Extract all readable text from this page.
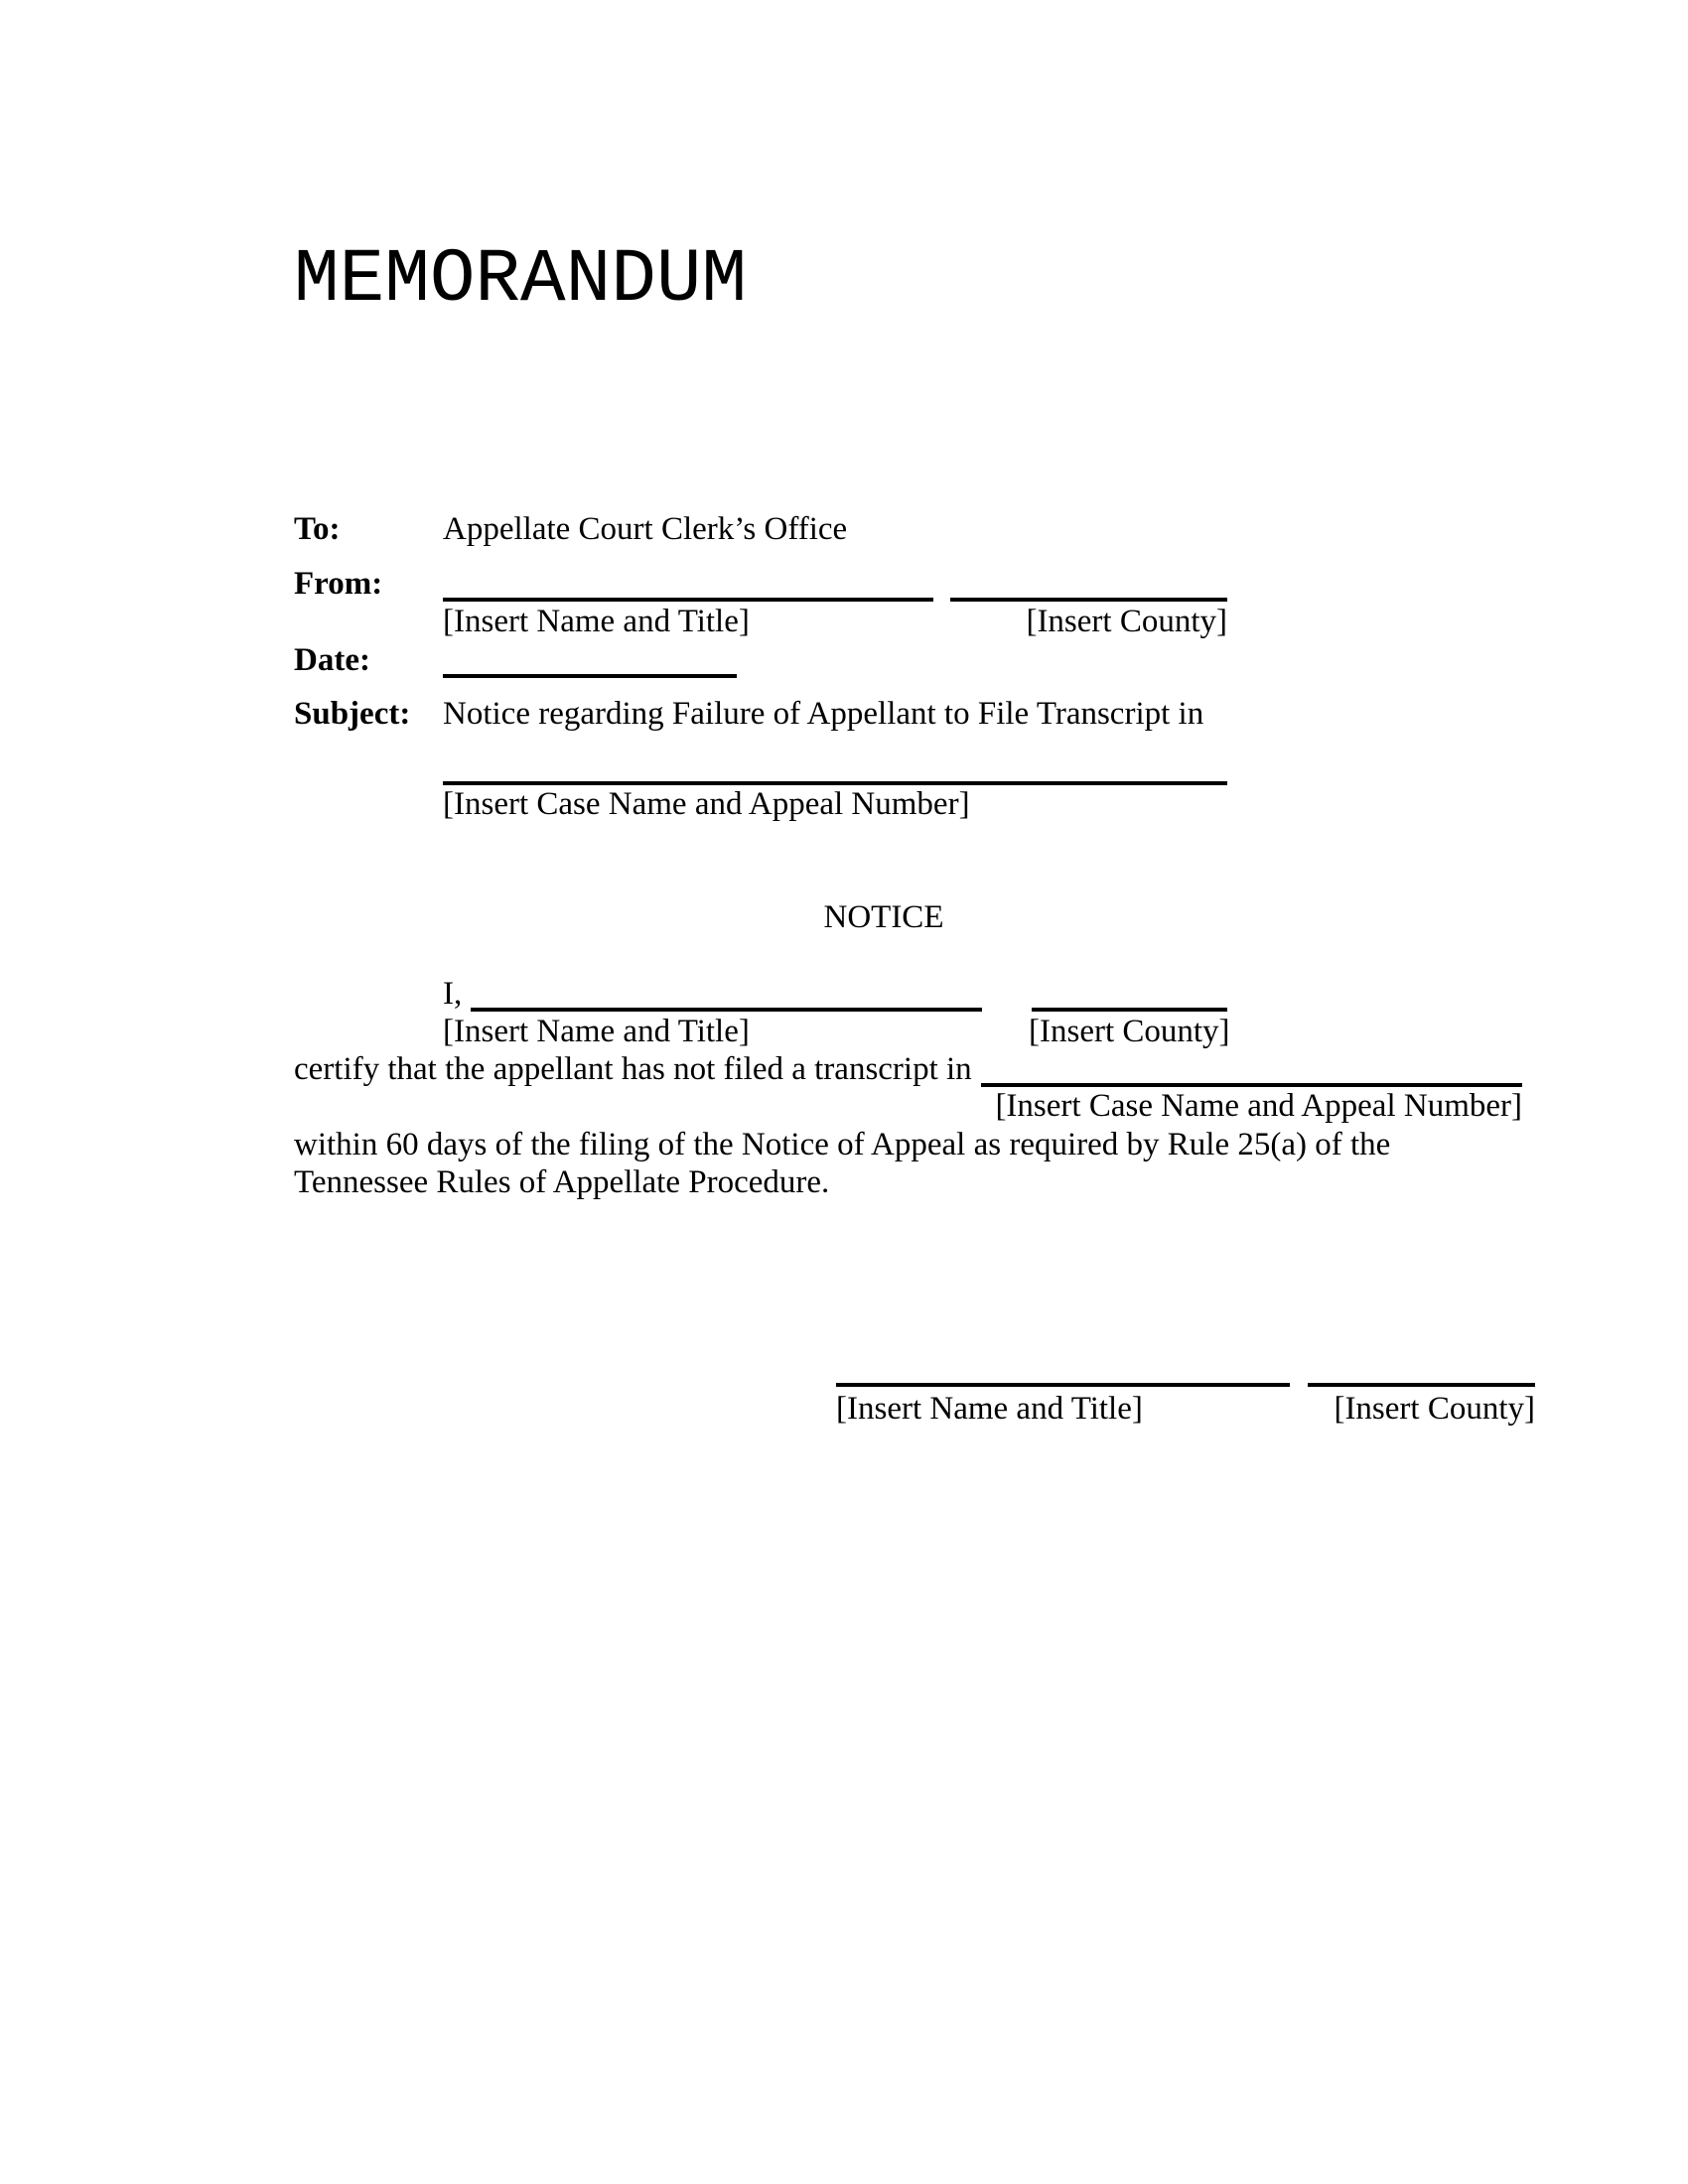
MEMORANDUM
To:	Appellate Court Clerk’s Office
From:
[Insert Name and Title]	[Insert County]
Date:
Subject: Notice regarding Failure of Appellant to File Transcript in
[Insert Case Name and Appeal Number]
NOTICE
I,
[Insert Name and Title]	[Insert County]
certify that the appellant has not filed a transcript in
[Insert Case Name and Appeal Number]
within 60 days of the filing of the Notice of Appeal as required by Rule 25(a) of the
Tennessee Rules of Appellate Procedure.
[Insert Name and Title]	[Insert County]
